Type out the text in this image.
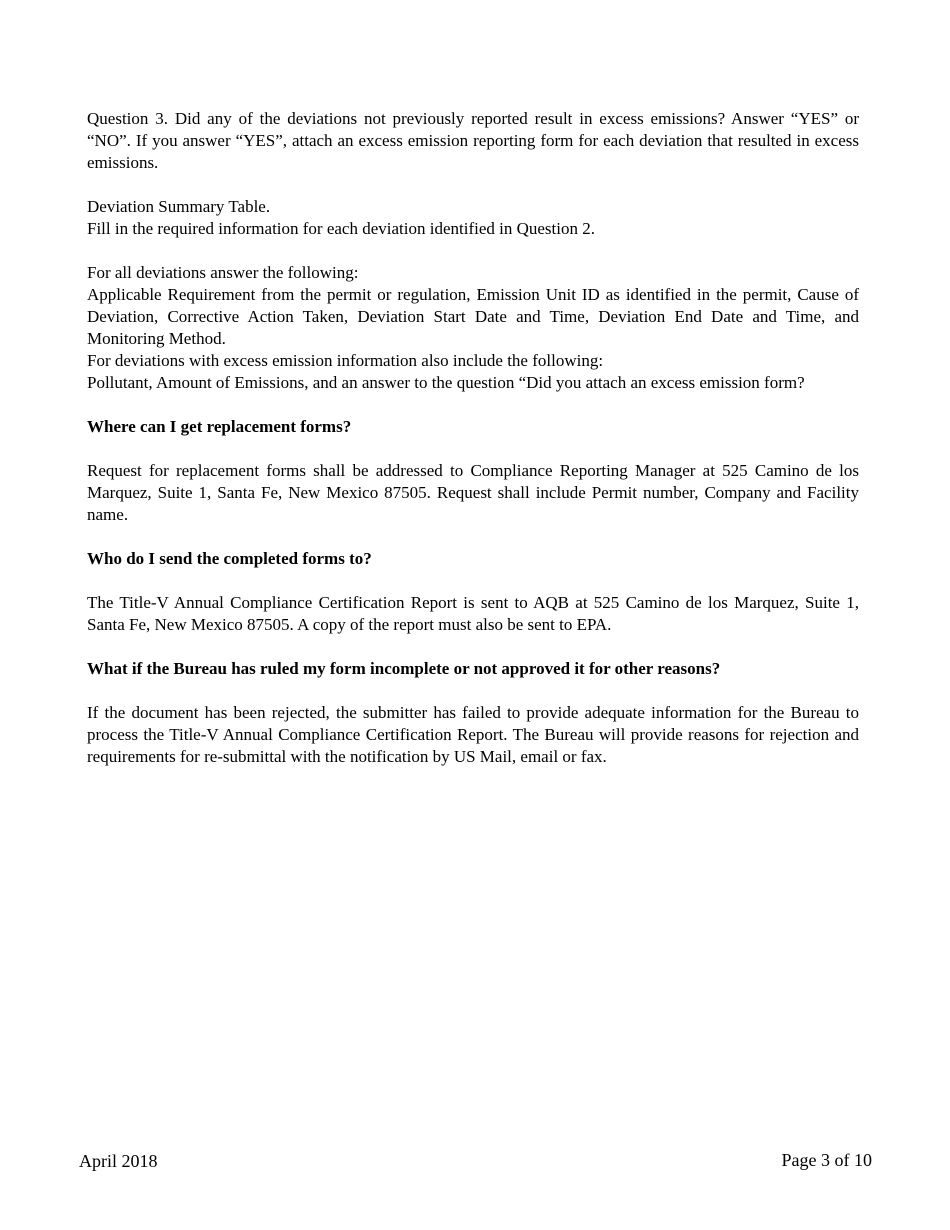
Question 3. Did any of the deviations not previously reported result in excess emissions? Answer “YES” or “NO”. If you answer “YES”, attach an excess emission reporting form for each deviation that resulted in excess emissions.

Deviation Summary Table.

Fill in the required information for each deviation identified in Question 2.

For all deviations answer the following:

Applicable Requirement from the permit or regulation, Emission Unit ID as identified in the permit, Cause of Deviation, Corrective Action Taken, Deviation Start Date and Time, Deviation End Date and Time, and Monitoring Method.

For deviations with excess emission information also include the following:

Pollutant, Amount of Emissions, and an answer to the question “Did you attach an excess emission form?

Where can I get replacement forms?

Request for replacement forms shall be addressed to Compliance Reporting Manager at 525 Camino de los Marquez, Suite 1, Santa Fe, New Mexico 87505. Request shall include Permit number, Company and Facility name.

Who do I send the completed forms to?

The Title-V Annual Compliance Certification Report is sent to AQB at 525 Camino de los Marquez, Suite 1, Santa Fe, New Mexico 87505. A copy of the report must also be sent to EPA.

What if the Bureau has ruled my form incomplete or not approved it for other reasons?

If the document has been rejected, the submitter has failed to provide adequate information for the Bureau to process the Title-V Annual Compliance Certification Report. The Bureau will provide reasons for rejection and requirements for re-submittal with the notification by US Mail, email or fax.

April 2018	Page 3 of 10
